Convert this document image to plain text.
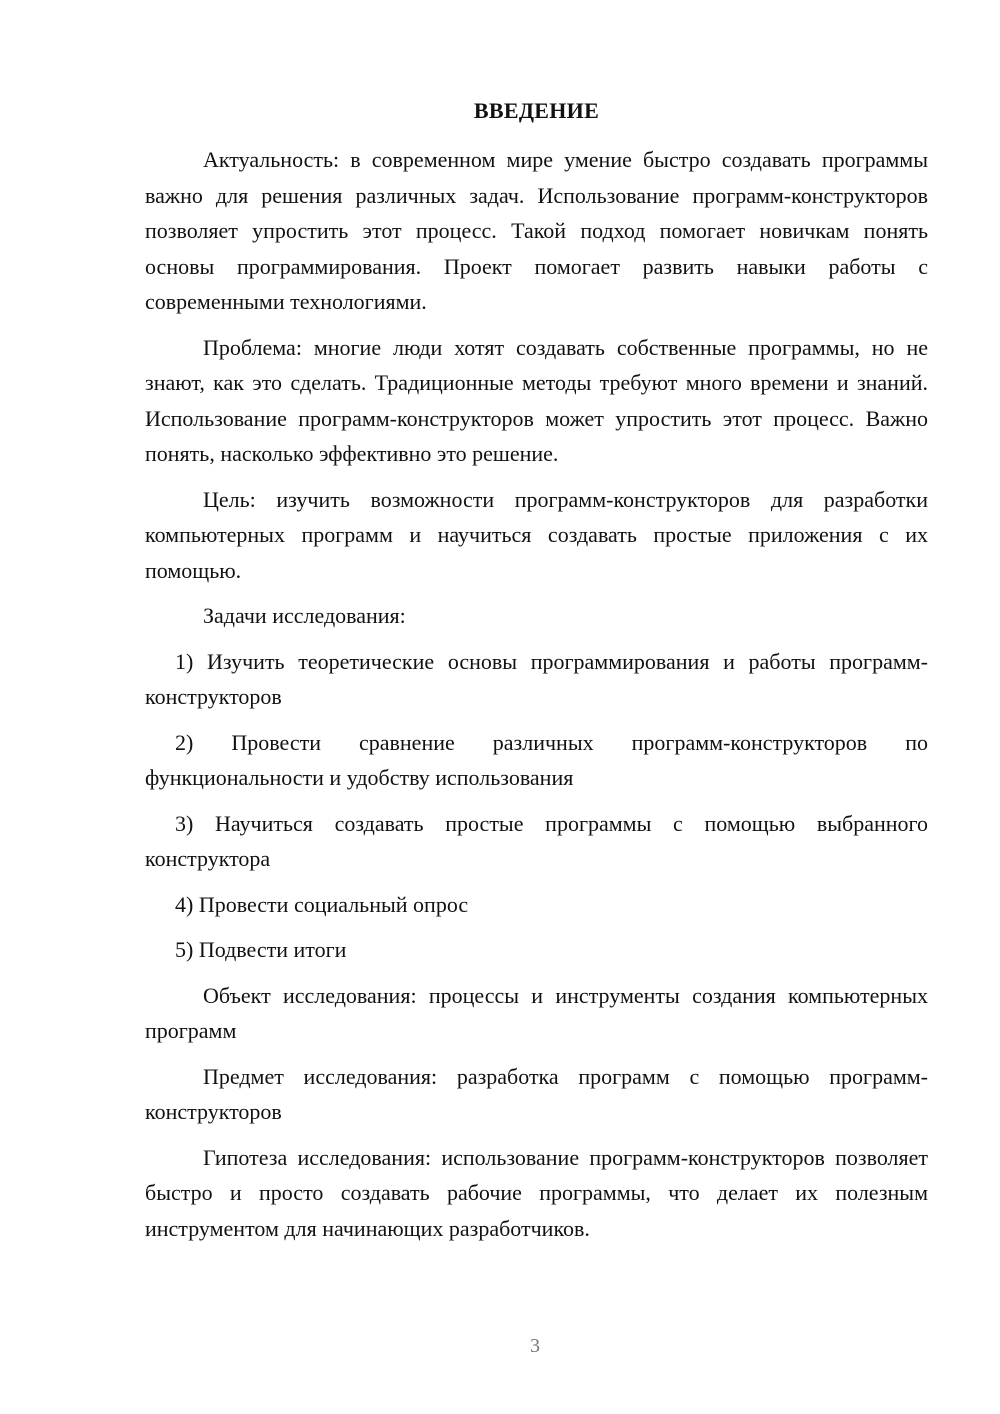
ВВЕДЕНИЕ

Актуальность: в современном мире умение быстро создавать программы важно для решения различных задач. Использование программ-конструкторов позволяет упростить этот процесс. Такой подход помогает новичкам понять основы программирования. Проект помогает развить навыки работы с современными технологиями.

Проблема: многие люди хотят создавать собственные программы, но не знают, как это сделать. Традиционные методы требуют много времени и знаний. Использование программ-конструкторов может упростить этот процесс. Важно понять, насколько эффективно это решение.

Цель: изучить возможности программ-конструкторов для разработки компьютерных программ и научиться создавать простые приложения с их помощью.

Задачи исследования:

1) Изучить теоретические основы программирования и работы программ-конструкторов

2) Провести сравнение различных программ-конструкторов по функциональности и удобству использования

3) Научиться создавать простые программы с помощью выбранного конструктора

4) Провести социальный опрос

5) Подвести итоги

Объект исследования: процессы и инструменты создания компьютерных программ

Предмет исследования: разработка программ с помощью программ-конструкторов

Гипотеза исследования: использование программ-конструкторов позволяет быстро и просто создавать рабочие программы, что делает их полезным инструментом для начинающих разработчиков.

3
